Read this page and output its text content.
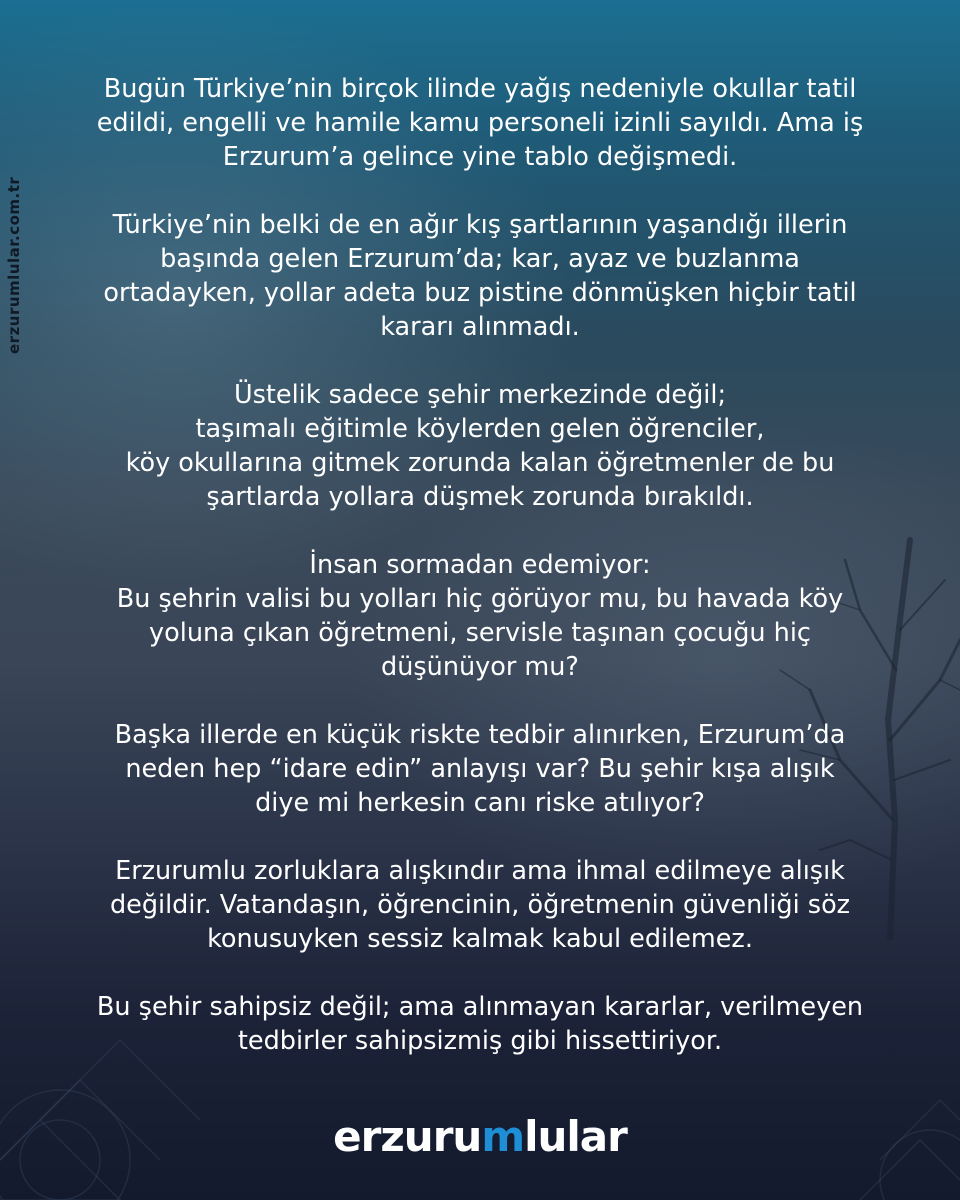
erzurumlular.com.tr

Bugün Türkiye’nin birçok ilinde yağış nedeniyle okullar tatil
edildi, engelli ve hamile kamu personeli izinli sayıldı. Ama iş
Erzurum’a gelince yine tablo değişmedi.

Türkiye’nin belki de en ağır kış şartlarının yaşandığı illerin
başında gelen Erzurum’da; kar, ayaz ve buzlanma
ortadayken, yollar adeta buz pistine dönmüşken hiçbir tatil
kararı alınmadı.

Üstelik sadece şehir merkezinde değil;
taşımalı eğitimle köylerden gelen öğrenciler,
köy okullarına gitmek zorunda kalan öğretmenler de bu
şartlarda yollara düşmek zorunda bırakıldı.

İnsan sormadan edemiyor:
Bu şehrin valisi bu yolları hiç görüyor mu, bu havada köy
yoluna çıkan öğretmeni, servisle taşınan çocuğu hiç
düşünüyor mu?

Başka illerde en küçük riskte tedbir alınırken, Erzurum’da
neden hep “idare edin” anlayışı var? Bu şehir kışa alışık
diye mi herkesin canı riske atılıyor?

Erzurumlu zorluklara alışkındır ama ihmal edilmeye alışık
değildir. Vatandaşın, öğrencinin, öğretmenin güvenliği söz
konusuyken sessiz kalmak kabul edilemez.

Bu şehir sahipsiz değil; ama alınmayan kararlar, verilmeyen
tedbirler sahipsizmiş gibi hissettiriyor.

erzurumlular
